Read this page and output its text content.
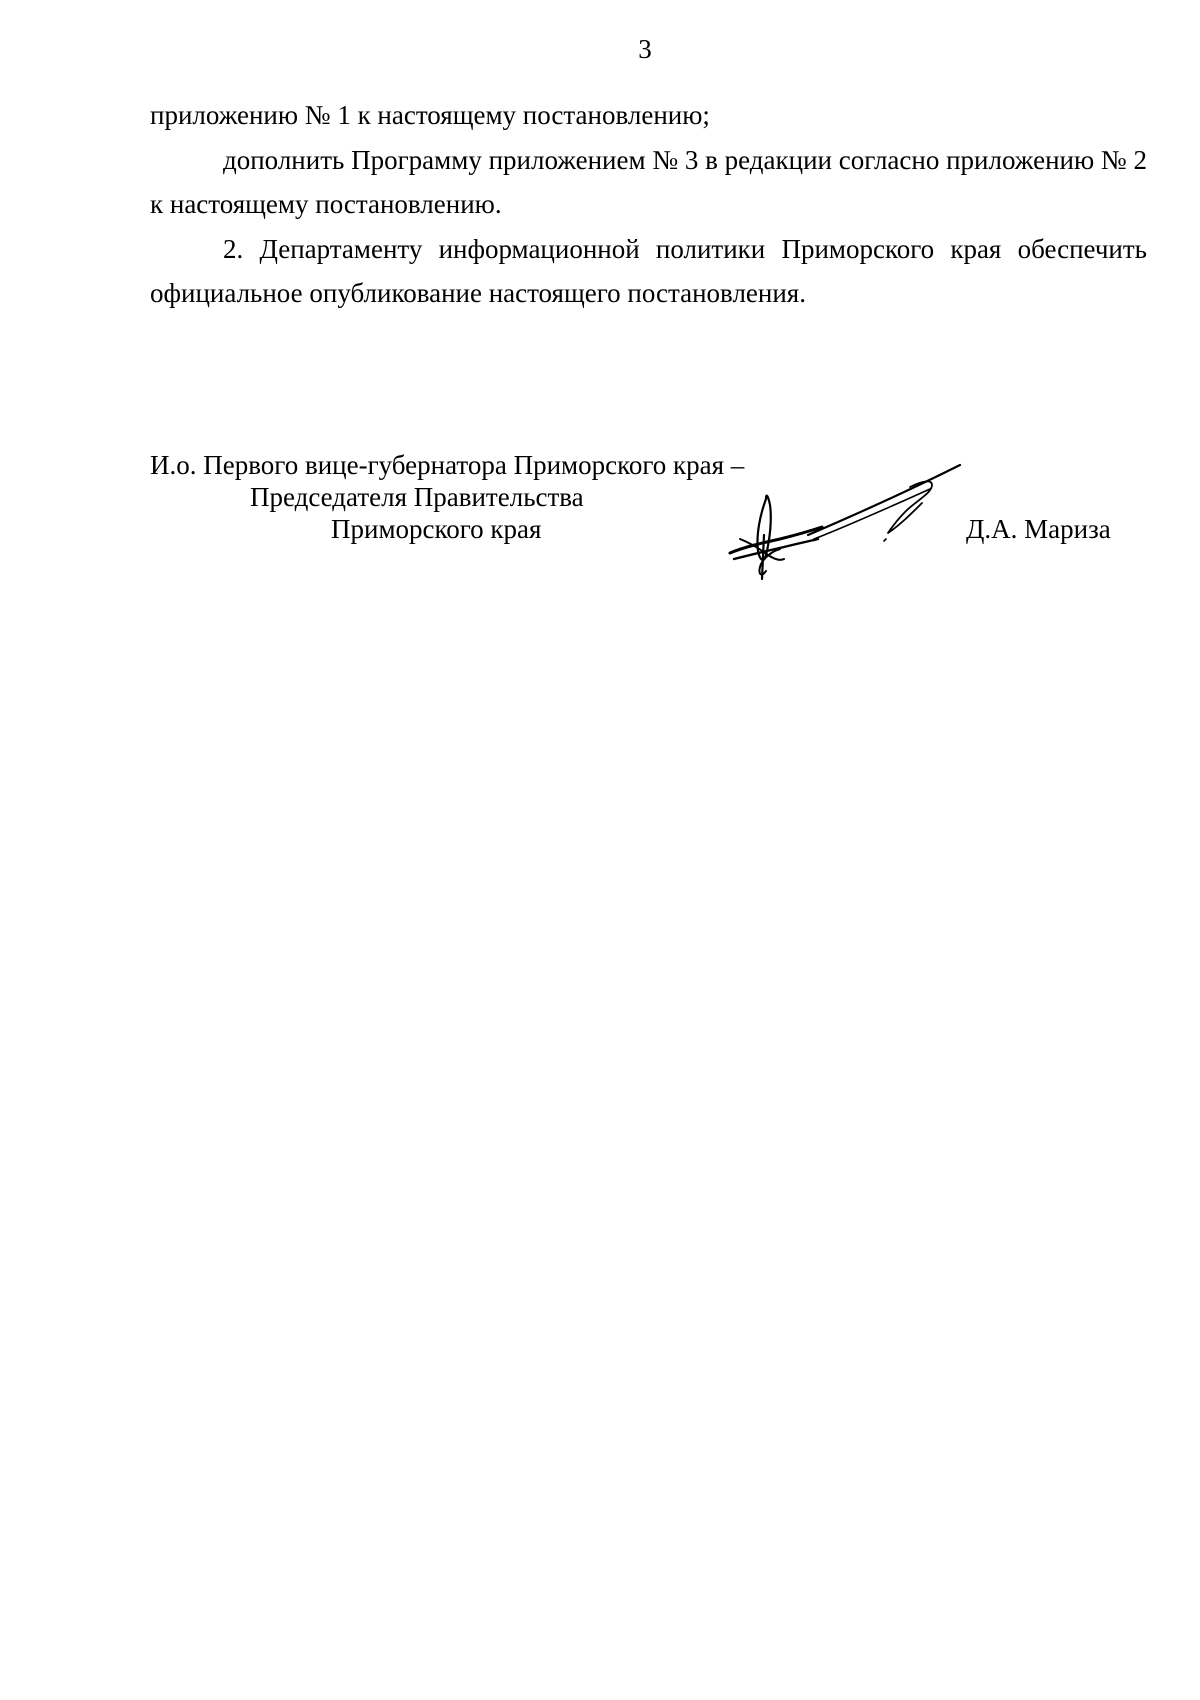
3

приложению № 1 к настоящему постановлению;

дополнить Программу приложением № 3 в редакции согласно приложению № 2 к настоящему постановлению.

2. Департаменту информационной политики Приморского края обеспечить официальное опубликование настоящего постановления.

И.о. Первого вице-губернатора Приморского края –
Председателя Правительства
Приморского края	Д.А. Мариза
